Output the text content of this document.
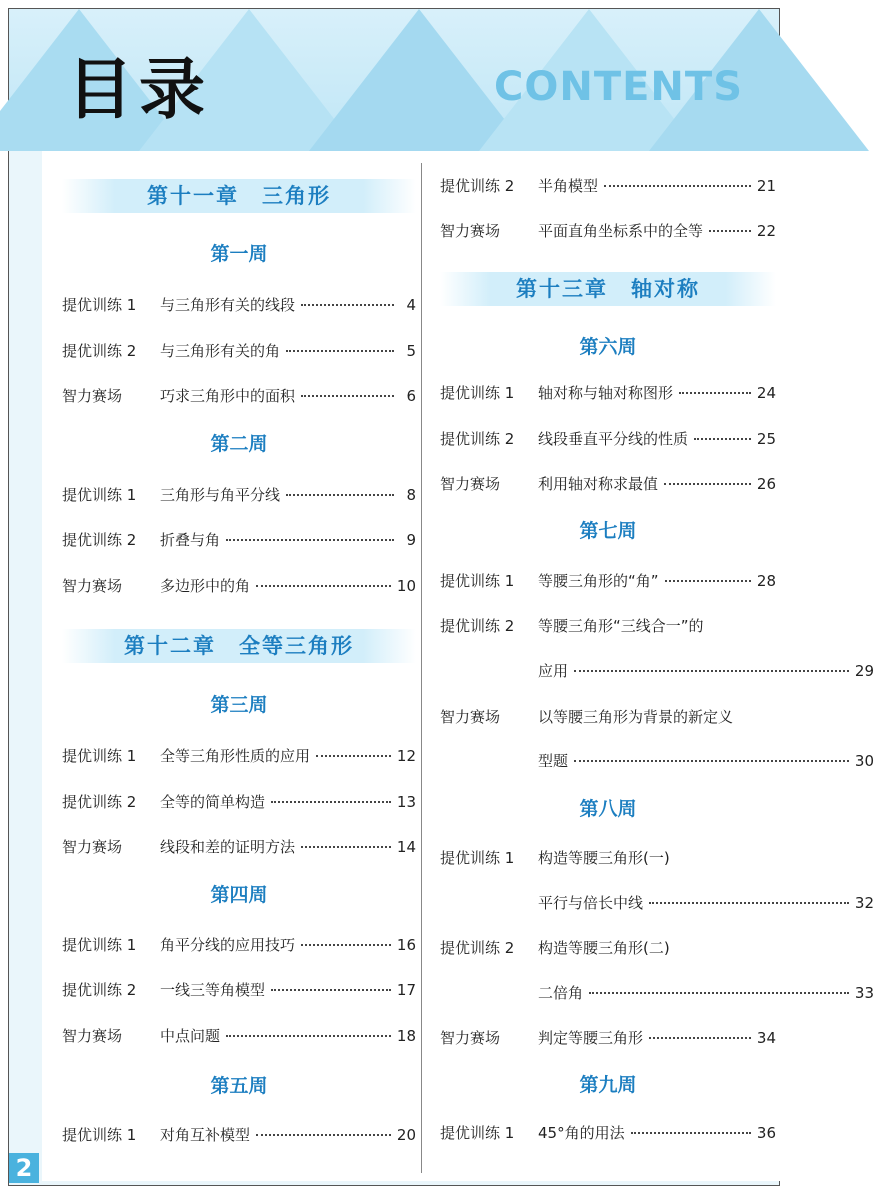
目录	CONTENTS
第十一章　三角形
第一周
提优训练 1	与三角形有关的线段	4
提优训练 2	与三角形有关的角	5
智力赛场	巧求三角形中的面积	6
第二周
提优训练 1	三角形与角平分线	8
提优训练 2	折叠与角	9
智力赛场	多边形中的角	10
第十二章　全等三角形
第三周
提优训练 1	全等三角形性质的应用	12
提优训练 2	全等的简单构造	13
智力赛场	线段和差的证明方法	14
第四周
提优训练 1	角平分线的应用技巧	16
提优训练 2	一线三等角模型	17
智力赛场	中点问题	18
第五周
提优训练 1	对角互补模型	20
提优训练 2	半角模型	21
智力赛场	平面直角坐标系中的全等	22
第十三章　轴对称
第六周
提优训练 1	轴对称与轴对称图形	24
提优训练 2	线段垂直平分线的性质	25
智力赛场	利用轴对称求最值	26
第七周
提优训练 1	等腰三角形的“角”	28
提优训练 2	等腰三角形“三线合一”的
应用	29
智力赛场	以等腰三角形为背景的新定义
型题	30
第八周
提优训练 1	构造等腰三角形(一)
平行与倍长中线	32
提优训练 2	构造等腰三角形(二)
二倍角	33
智力赛场	判定等腰三角形	34
第九周
提优训练 1	45°角的用法	36
2
